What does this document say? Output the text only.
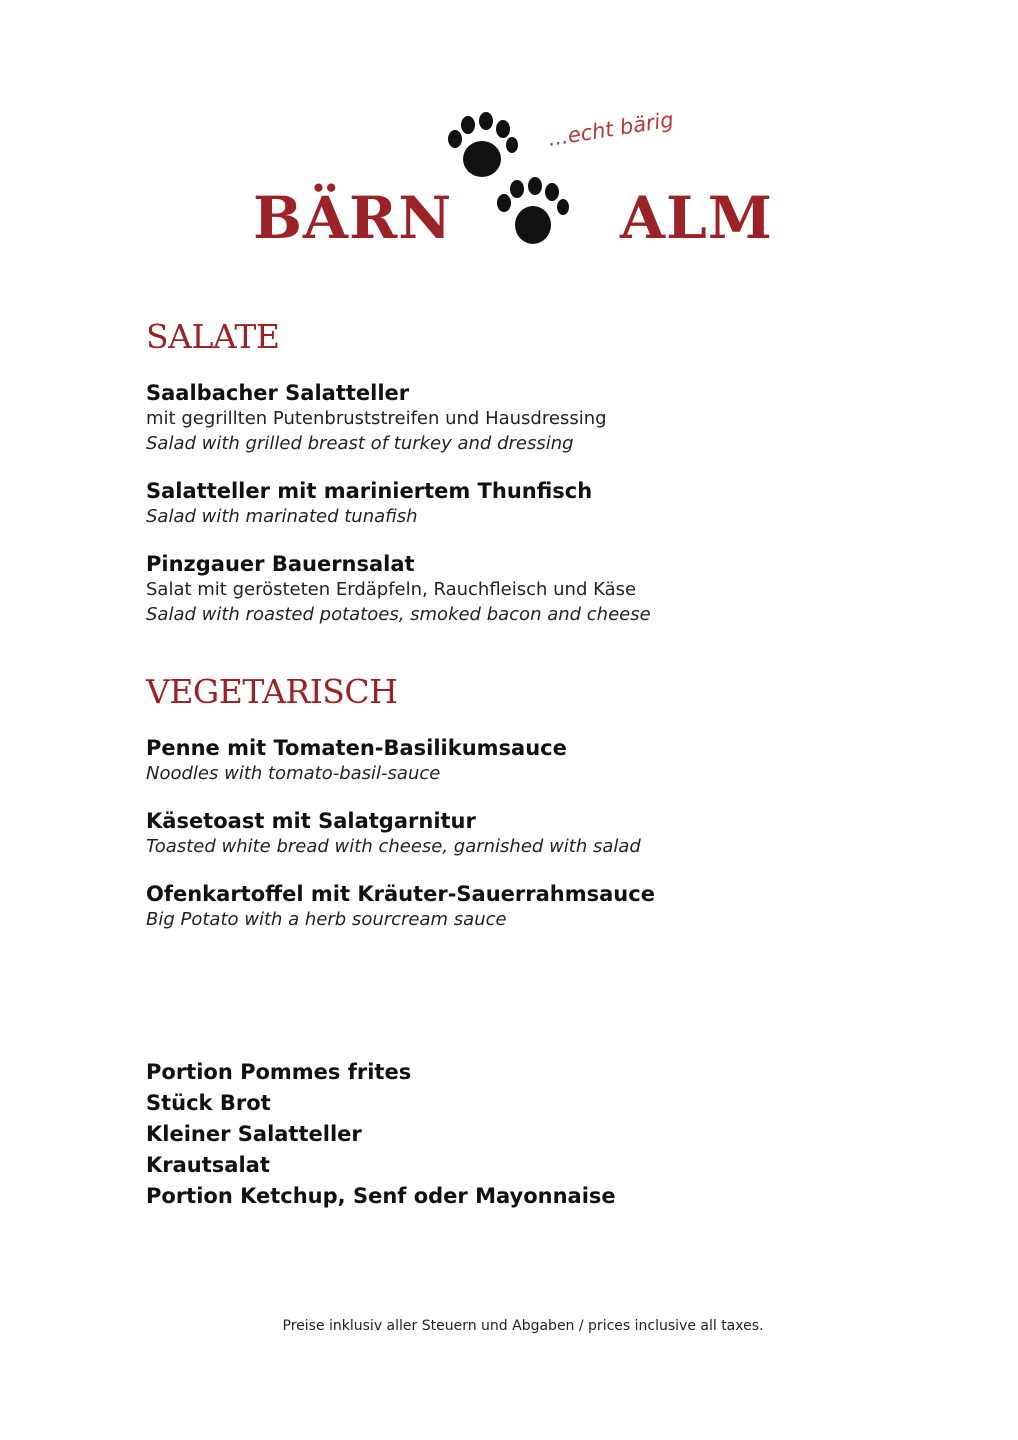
...echt bärig
BÄRN	ALM
SALATE

Saalbacher Salatteller

mit gegrillten Putenbruststreifen und Hausdressing

Salad with grilled breast of turkey and dressing

Salatteller mit mariniertem Thunfisch

Salad with marinated tunafish

Pinzgauer Bauernsalat

Salat mit gerösteten Erdäpfeln, Rauchfleisch und Käse

Salad with roasted potatoes, smoked bacon and cheese

VEGETARISCH

Penne mit Tomaten-Basilikumsauce

Noodles with tomato-basil-sauce

Käsetoast mit Salatgarnitur

Toasted white bread with cheese, garnished with salad

Ofenkartoffel mit Kräuter-Sauerrahmsauce

Big Potato with a herb sourcream sauce

Portion Pommes frites
Stück Brot
Kleiner Salatteller
Krautsalat
Portion Ketchup, Senf oder Mayonnaise

Preise inklusiv aller Steuern und Abgaben / prices inclusive all taxes.
